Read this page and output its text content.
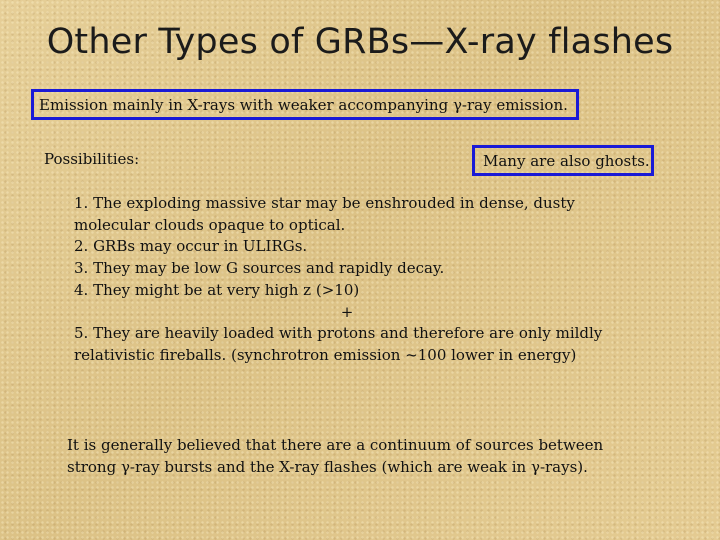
Other Types of GRBs—X-ray flashes
Emission mainly in X-rays with weaker accompanying γ-ray emission.
Possibilities:	Many are also ghosts.
1. The exploding massive star may be enshrouded in dense, dusty
molecular clouds opaque to optical.
2. GRBs may occur in ULIRGs.
3. They may be low G sources and rapidly decay.
4. They might be at very high z (>10)
+
5. They are heavily loaded with protons and therefore are only mildly
relativistic fireballs. (synchrotron emission ~100 lower in energy)
It is generally believed that there are a continuum of sources between
strong γ-ray bursts and the X-ray flashes (which are weak in γ-rays).
